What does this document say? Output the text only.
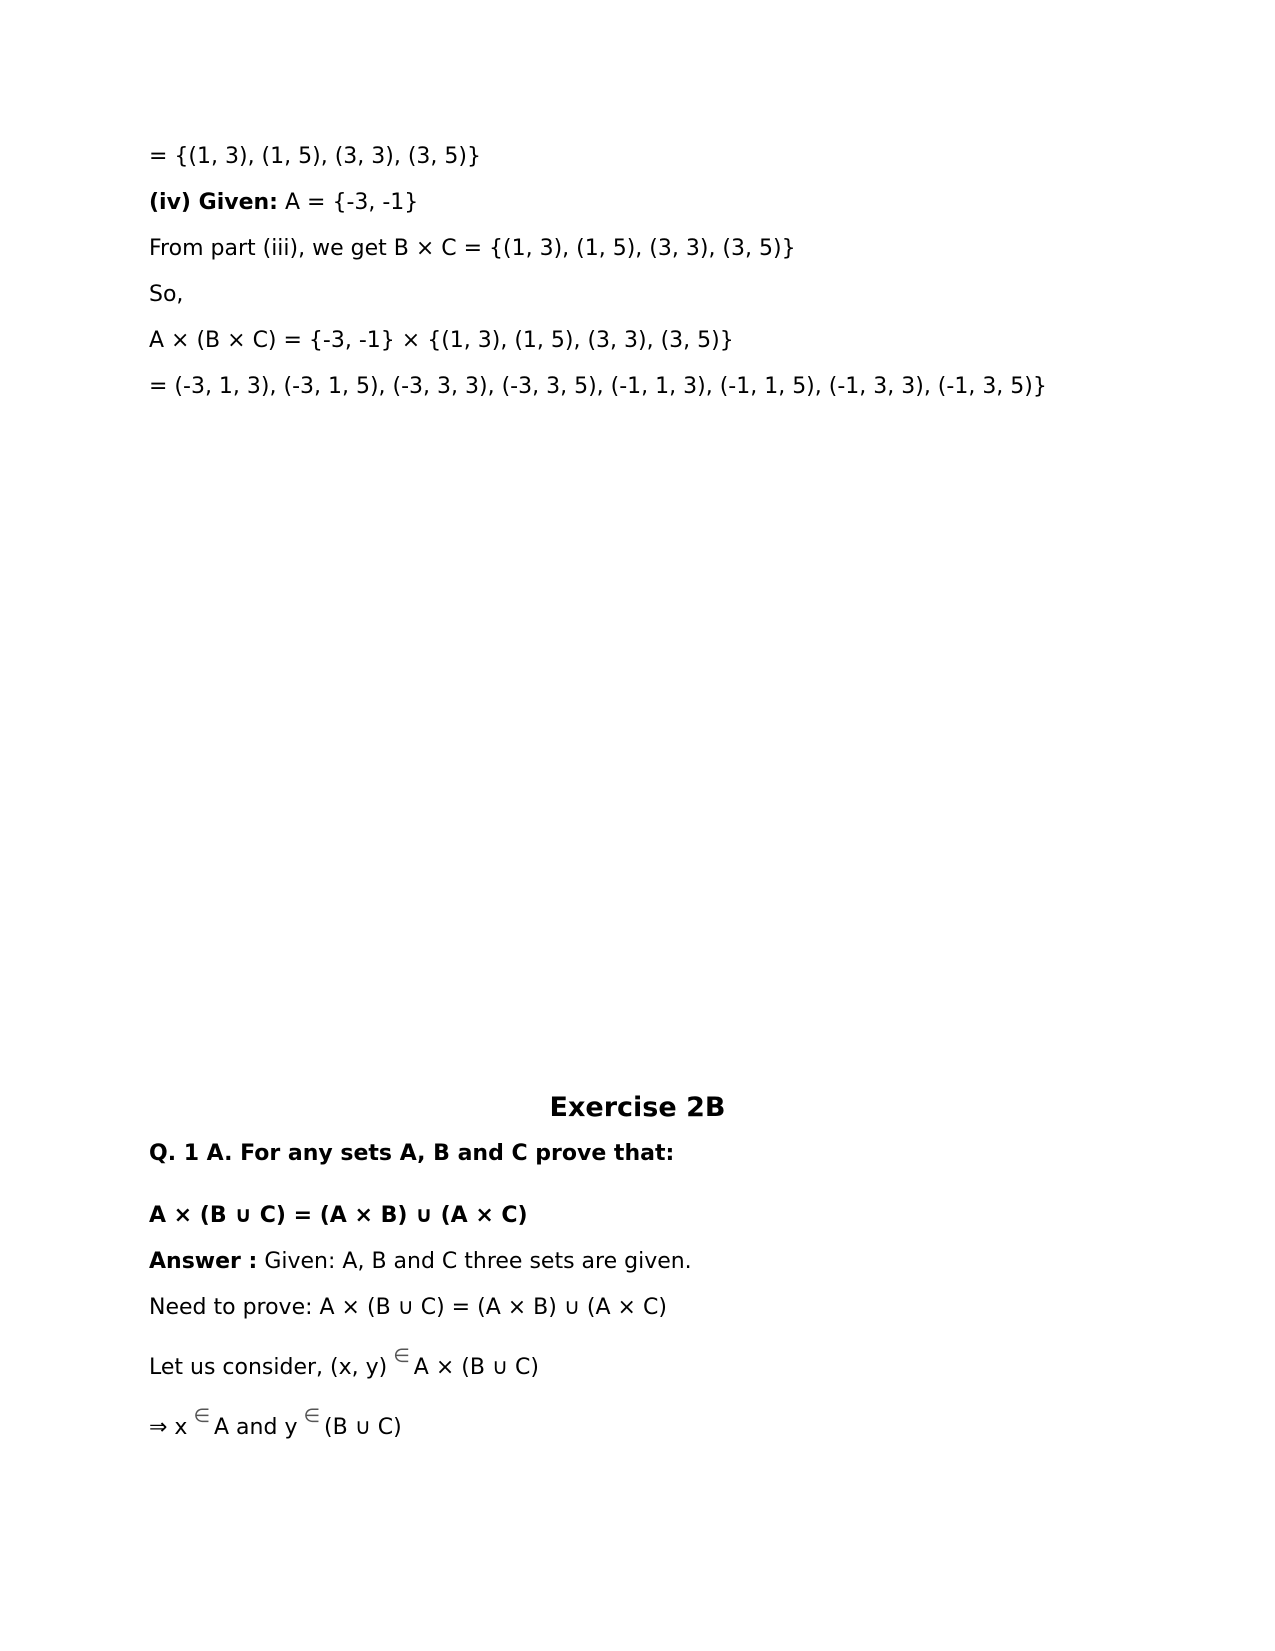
= {(1, 3), (1, 5), (3, 3), (3, 5)}
(iv) Given: A = {-3, -1}
From part (iii), we get B × C = {(1, 3), (1, 5), (3, 3), (3, 5)}
So,
A × (B × C) = {-3, -1} × {(1, 3), (1, 5), (3, 3), (3, 5)}
= (-3, 1, 3), (-3, 1, 5), (-3, 3, 3), (-3, 3, 5), (-1, 1, 3), (-1, 1, 5), (-1, 3, 3), (-1, 3, 5)}
Exercise 2B
Q. 1 A. For any sets A, B and C prove that:
A × (B ∪ C) = (A × B) ∪ (A × C)
Answer : Given: A, B and C three sets are given.
Need to prove: A × (B ∪ C) = (A × B) ∪ (A × C)
Let us consider, (x, y) ∈ A × (B ∪ C)
⇒ x ∈ A and y ∈ (B ∪ C)
